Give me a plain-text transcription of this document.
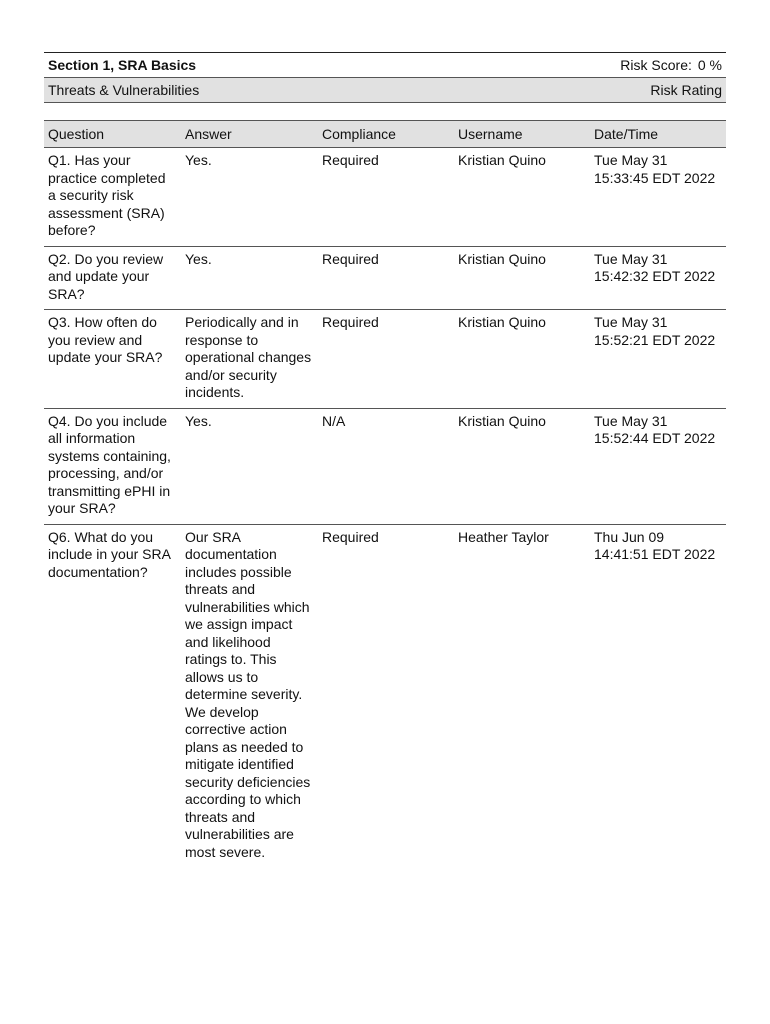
Section 1, SRA Basics	Risk Score: 0 %
Threats & Vulnerabilities	Risk Rating
Question	Answer	Compliance	Username	Date/Time
Q1. Has your practice completed a security risk assessment (SRA) before?	Yes.	Required	Kristian Quino	Tue May 31 15:33:45 EDT 2022
Q2. Do you review and update your SRA?	Yes.	Required	Kristian Quino	Tue May 31 15:42:32 EDT 2022
Q3. How often do you review and update your SRA?	Periodically and in response to operational changes and/or security incidents.	Required	Kristian Quino	Tue May 31 15:52:21 EDT 2022
Q4. Do you include all information systems containing, processing, and/or transmitting ePHI in your SRA?	Yes.	N/A	Kristian Quino	Tue May 31 15:52:44 EDT 2022
Q6. What do you include in your SRA documentation?	Our SRA documentation includes possible threats and vulnerabilities which we assign impact and likelihood ratings to. This allows us to determine severity. We develop corrective action plans as needed to mitigate identified security deficiencies according to which threats and vulnerabilities are most severe.	Required	Heather Taylor	Thu Jun 09 14:41:51 EDT 2022
